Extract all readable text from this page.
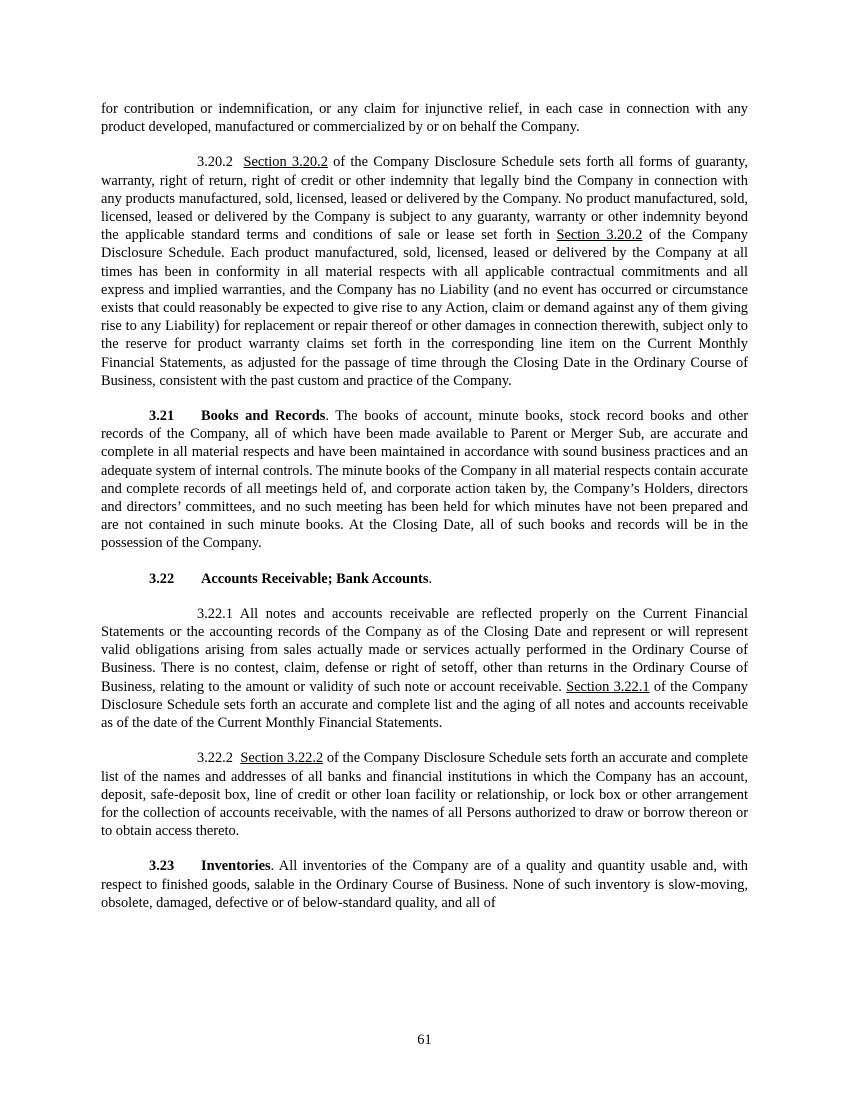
for contribution or indemnification, or any claim for injunctive relief, in each case in connection with any product developed, manufactured or commercialized by or on behalf the Company.

3.20.2 Section 3.20.2 of the Company Disclosure Schedule sets forth all forms of guaranty, warranty, right of return, right of credit or other indemnity that legally bind the Company in connection with any products manufactured, sold, licensed, leased or delivered by the Company. No product manufactured, sold, licensed, leased or delivered by the Company is subject to any guaranty, warranty or other indemnity beyond the applicable standard terms and conditions of sale or lease set forth in Section 3.20.2 of the Company Disclosure Schedule. Each product manufactured, sold, licensed, leased or delivered by the Company at all times has been in conformity in all material respects with all applicable contractual commitments and all express and implied warranties, and the Company has no Liability (and no event has occurred or circumstance exists that could reasonably be expected to give rise to any Action, claim or demand against any of them giving rise to any Liability) for replacement or repair thereof or other damages in connection therewith, subject only to the reserve for product warranty claims set forth in the corresponding line item on the Current Monthly Financial Statements, as adjusted for the passage of time through the Closing Date in the Ordinary Course of Business, consistent with the past custom and practice of the Company.

3.21 Books and Records. The books of account, minute books, stock record books and other records of the Company, all of which have been made available to Parent or Merger Sub, are accurate and complete in all material respects and have been maintained in accordance with sound business practices and an adequate system of internal controls. The minute books of the Company in all material respects contain accurate and complete records of all meetings held of, and corporate action taken by, the Company’s Holders, directors and directors’ committees, and no such meeting has been held for which minutes have not been prepared and are not contained in such minute books. At the Closing Date, all of such books and records will be in the possession of the Company.

3.22 Accounts Receivable; Bank Accounts.

3.22.1 All notes and accounts receivable are reflected properly on the Current Financial Statements or the accounting records of the Company as of the Closing Date and represent or will represent valid obligations arising from sales actually made or services actually performed in the Ordinary Course of Business. There is no contest, claim, defense or right of setoff, other than returns in the Ordinary Course of Business, relating to the amount or validity of such note or account receivable. Section 3.22.1 of the Company Disclosure Schedule sets forth an accurate and complete list and the aging of all notes and accounts receivable as of the date of the Current Monthly Financial Statements.

3.22.2 Section 3.22.2 of the Company Disclosure Schedule sets forth an accurate and complete list of the names and addresses of all banks and financial institutions in which the Company has an account, deposit, safe-deposit box, line of credit or other loan facility or relationship, or lock box or other arrangement for the collection of accounts receivable, with the names of all Persons authorized to draw or borrow thereon or to obtain access thereto.

3.23 Inventories. All inventories of the Company are of a quality and quantity usable and, with respect to finished goods, salable in the Ordinary Course of Business. None of such inventory is slow-moving, obsolete, damaged, defective or of below-standard quality, and all of

61
